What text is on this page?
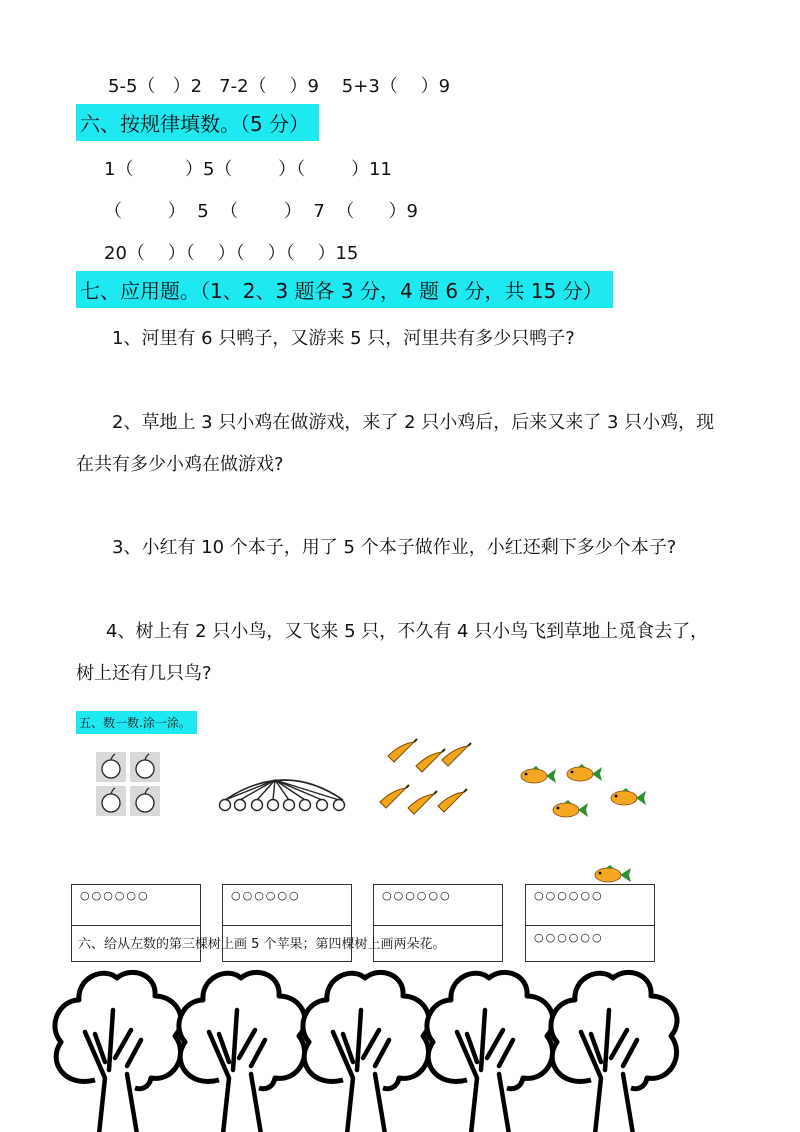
5-5（   ）2   7-2（    ）9    5+3（    ）9
六、按规律填数。（5 分）
1（         ）5（        ）（        ）11
（        ）  5  （        ）  7  （      ）9
20（    ）（    ）（    ）（    ）15
七、应用题。（1、2、3 题各 3 分，4 题 6 分，共 15 分）
1、河里有 6 只鸭子，又游来 5 只，河里共有多少只鸭子?
2、草地上 3 只小鸡在做游戏，来了 2 只小鸡后，后来又来了 3 只小鸡，现
在共有多少小鸡在做游戏?
3、小红有 10 个本子，用了 5 个本子做作业，小红还剩下多少个本子?
4、树上有 2 只小鸟，又飞来 5 只，不久有 4 只小鸟飞到草地上觅食去了，
树上还有几只鸟?
五、数一数.涂一涂。
○○○○○○	○○○○○○	○○○○○○	○○○○○○
○○○○○○
六、给从左数的第三棵树上画 5 个苹果；第四棵树上画两朵花。
